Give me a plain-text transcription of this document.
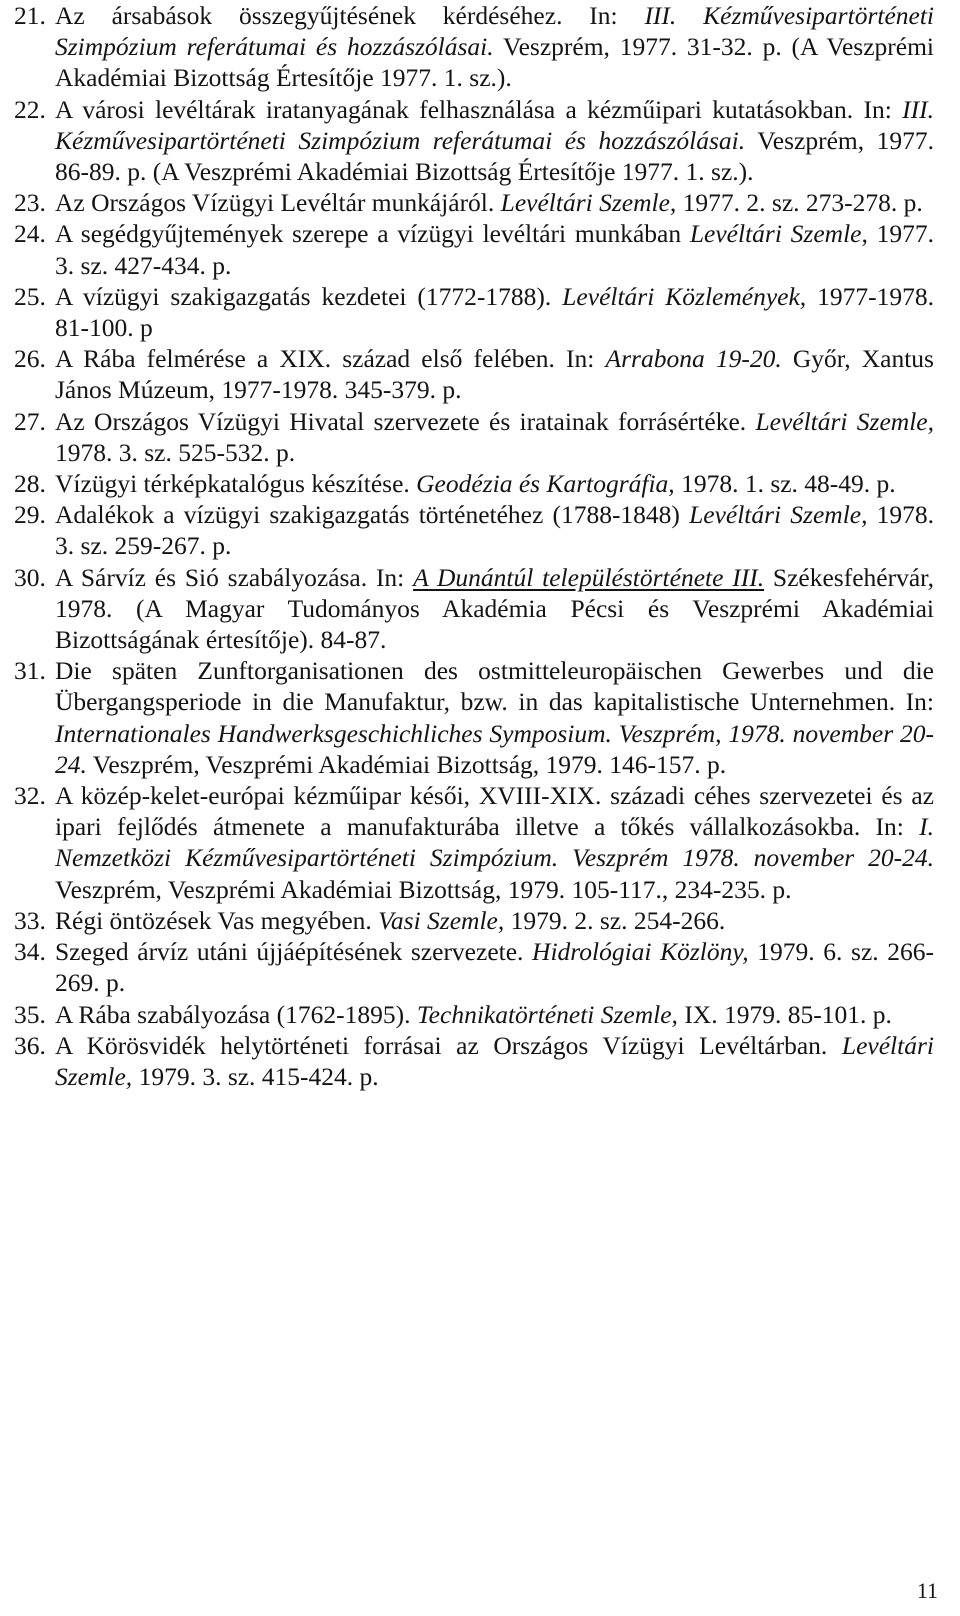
21. Az ársabások összegyűjtésének kérdéséhez. In: III. Kézművesipartörténeti Szimpózium referátumai és hozzászólásai. Veszprém, 1977. 31-32. p. (A Veszprémi Akadémiai Bizottság Értesítője 1977. 1. sz.).
22. A városi levéltárak iratanyagának felhasználása a kézműipari kutatásokban. In: III. Kézművesipartörténeti Szimpózium referátumai és hozzászólásai. Veszprém, 1977. 86-89. p. (A Veszprémi Akadémiai Bizottság Értesítője 1977. 1. sz.).
23. Az Országos Vízügyi Levéltár munkájáról. Levéltári Szemle, 1977. 2. sz. 273-278. p.
24. A segédgyűjtemények szerepe a vízügyi levéltári munkában Levéltári Szemle, 1977. 3. sz. 427-434. p.
25. A vízügyi szakigazgatás kezdetei (1772-1788). Levéltári Közlemények, 1977-1978. 81-100. p
26. A Rába felmérése a XIX. század első felében. In: Arrabona 19-20. Győr, Xantus János Múzeum, 1977-1978. 345-379. p.
27. Az Országos Vízügyi Hivatal szervezete és iratainak forrásértéke. Levéltári Szemle, 1978. 3. sz. 525-532. p.
28. Vízügyi térképkatalógus készítése. Geodézia és Kartográfia, 1978. 1. sz. 48-49. p.
29. Adalékok a vízügyi szakigazgatás történetéhez (1788-1848) Levéltári Szemle, 1978. 3. sz. 259-267. p.
30. A Sárvíz és Sió szabályozása. In: A Dunántúl településtörténete III. Székesfehérvár, 1978. (A Magyar Tudományos Akadémia Pécsi és Veszprémi Akadémiai Bizottságának értesítője). 84-87.
31. Die späten Zunftorganisationen des ostmitteleuropäischen Gewerbes und die Übergangsperiode in die Manufaktur, bzw. in das kapitalistische Unternehmen. In: Internationales Handwerksgeschichliches Symposium. Veszprém, 1978. november 20-24. Veszprém, Veszprémi Akadémiai Bizottság, 1979. 146-157. p.
32. A közép-kelet-európai kézműipar késői, XVIII-XIX. századi céhes szervezetei és az ipari fejlődés átmenete a manufakturába illetve a tőkés vállalkozásokba. In: I. Nemzetközi Kézművesipartörténeti Szimpózium. Veszprém 1978. november 20-24. Veszprém, Veszprémi Akadémiai Bizottság, 1979. 105-117., 234-235. p.
33. Régi öntözések Vas megyében. Vasi Szemle, 1979. 2. sz. 254-266.
34. Szeged árvíz utáni újjáépítésének szervezete. Hidrológiai Közlöny, 1979. 6. sz. 266-269. p.
35. A Rába szabályozása (1762-1895). Technikatörténeti Szemle, IX. 1979. 85-101. p.
36. A Körösvidék helytörténeti forrásai az Országos Vízügyi Levéltárban. Levéltári Szemle, 1979. 3. sz. 415-424. p.
11
